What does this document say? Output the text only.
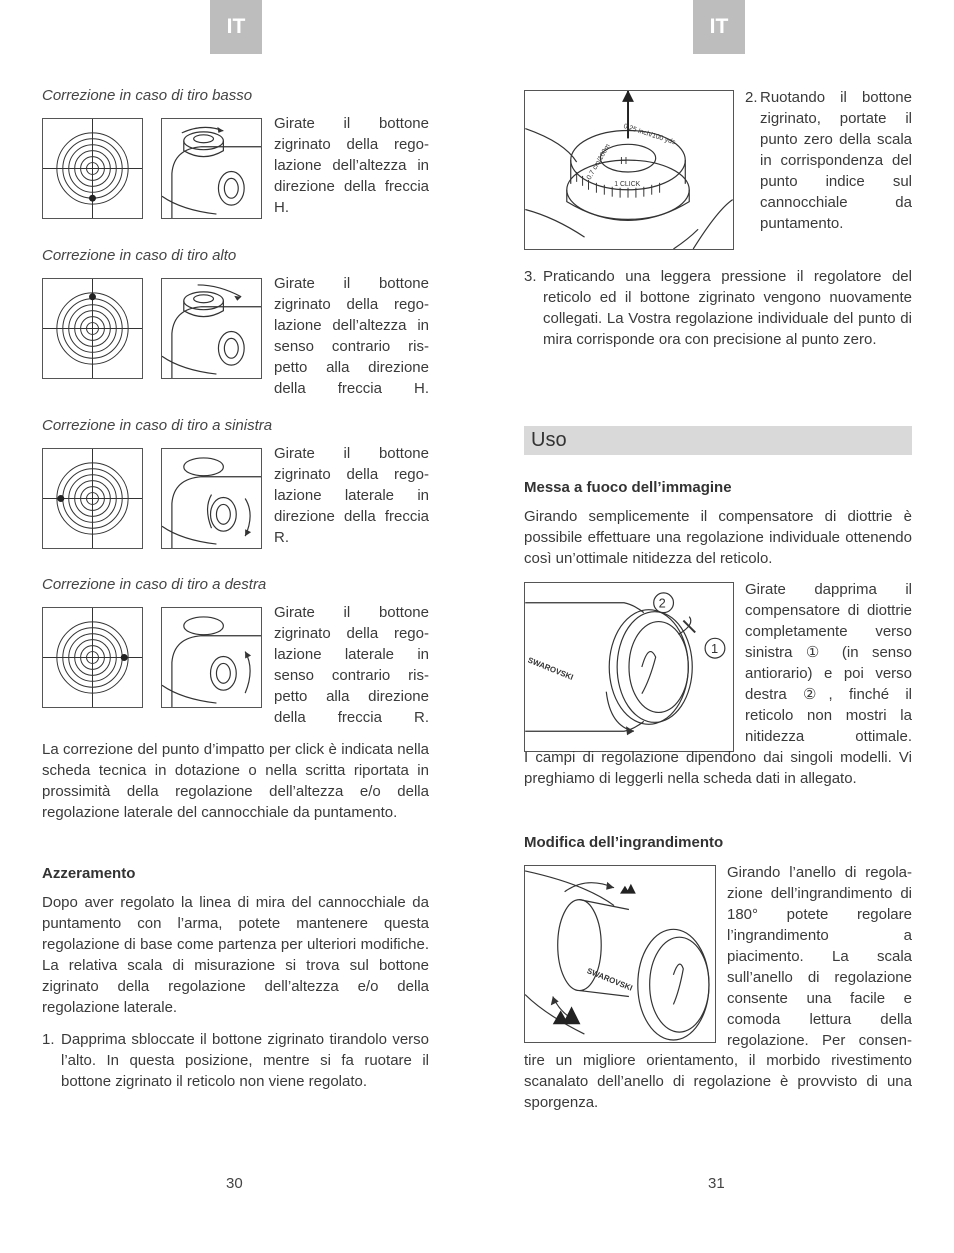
IT	IT
Correzione in caso di tiro basso

Girate il bottone zigrinato della regolazione dell’altezza in direzione della freccia H.

Correzione in caso di tiro alto

Girate il bottone zigrinato della regolazione dell’altezza in senso contrario rispetto alla direzione della freccia H.

Correzione in caso di tiro a sinistra

Girate il bottone zigrinato della regolazione laterale in direzione della freccia R.

Correzione in caso di tiro a destra

Girate il bottone zigrinato della regolazione laterale in senso contrario rispetto alla direzione della freccia R.

La correzione del punto d’impatto per click è indicata nella scheda tecnica in dotazione o nella scritta riportata in prossimità della regolazione dell’altezza e/o della regolazione laterale del cannocchiale da puntamento.

Azzeramento

Dopo aver regolato la linea di mira del cannocchiale da puntamento con l’arma, potete mantenere questa regolazione di base come partenza per ulteriori modifiche. La relativa scala di misurazione si trova sul bottone zigrinato della regolazione dell’altezza e/o della regolazione laterale.

1. Dapprima sbloccate il bottone zigrinato tirandolo verso l’alto. In questa posizione, mentre si fa ruotare il bottone zigrinato il reticolo non viene regolato.

30
H
0.25 inch/100 yds
0.7 cm/100m
1 CLICK
2. Ruotando il bottone zigrinato, portate il punto zero della scala in corrispondenza del punto indice sul cannocchiale da puntamento.

3. Praticando una leggera pressione il regolatore del reticolo ed il bottone zigrinato vengono nuovamente collegati. La Vostra regolazione individuale del punto di mira corrisponde ora con precisione al punto zero.

Uso
Messa a fuoco dell’immagine

Girando semplicemente il compensatore di diottrie è possibile effettuare una regolazione individuale ottenendo così un’ottimale nitidezza del reticolo.

SWAROVSKI
2
1

Girate dapprima il compensatore di diottrie completamente verso sinistra ① (in senso antiorario) e poi verso destra ②, finché il reticolo non mostri la nitidezza ottimale.

I campi di regolazione dipendono dai singoli modelli. Vi preghiamo di leggerli nella scheda dati in allegato.

Modifica dell’ingrandimento
SWAROVSKI

Girando l’anello di regolazione dell’ingrandimento di 180° potete regolare l’ingrandimento a piacimento. La scala sull’anello di regolazione consente una facile e comoda lettura della regolazione. Per consen-

tire un migliore orientamento, il morbido rivestimento scanalato dell’anello di regolazione è provvisto di una sporgenza.

31
